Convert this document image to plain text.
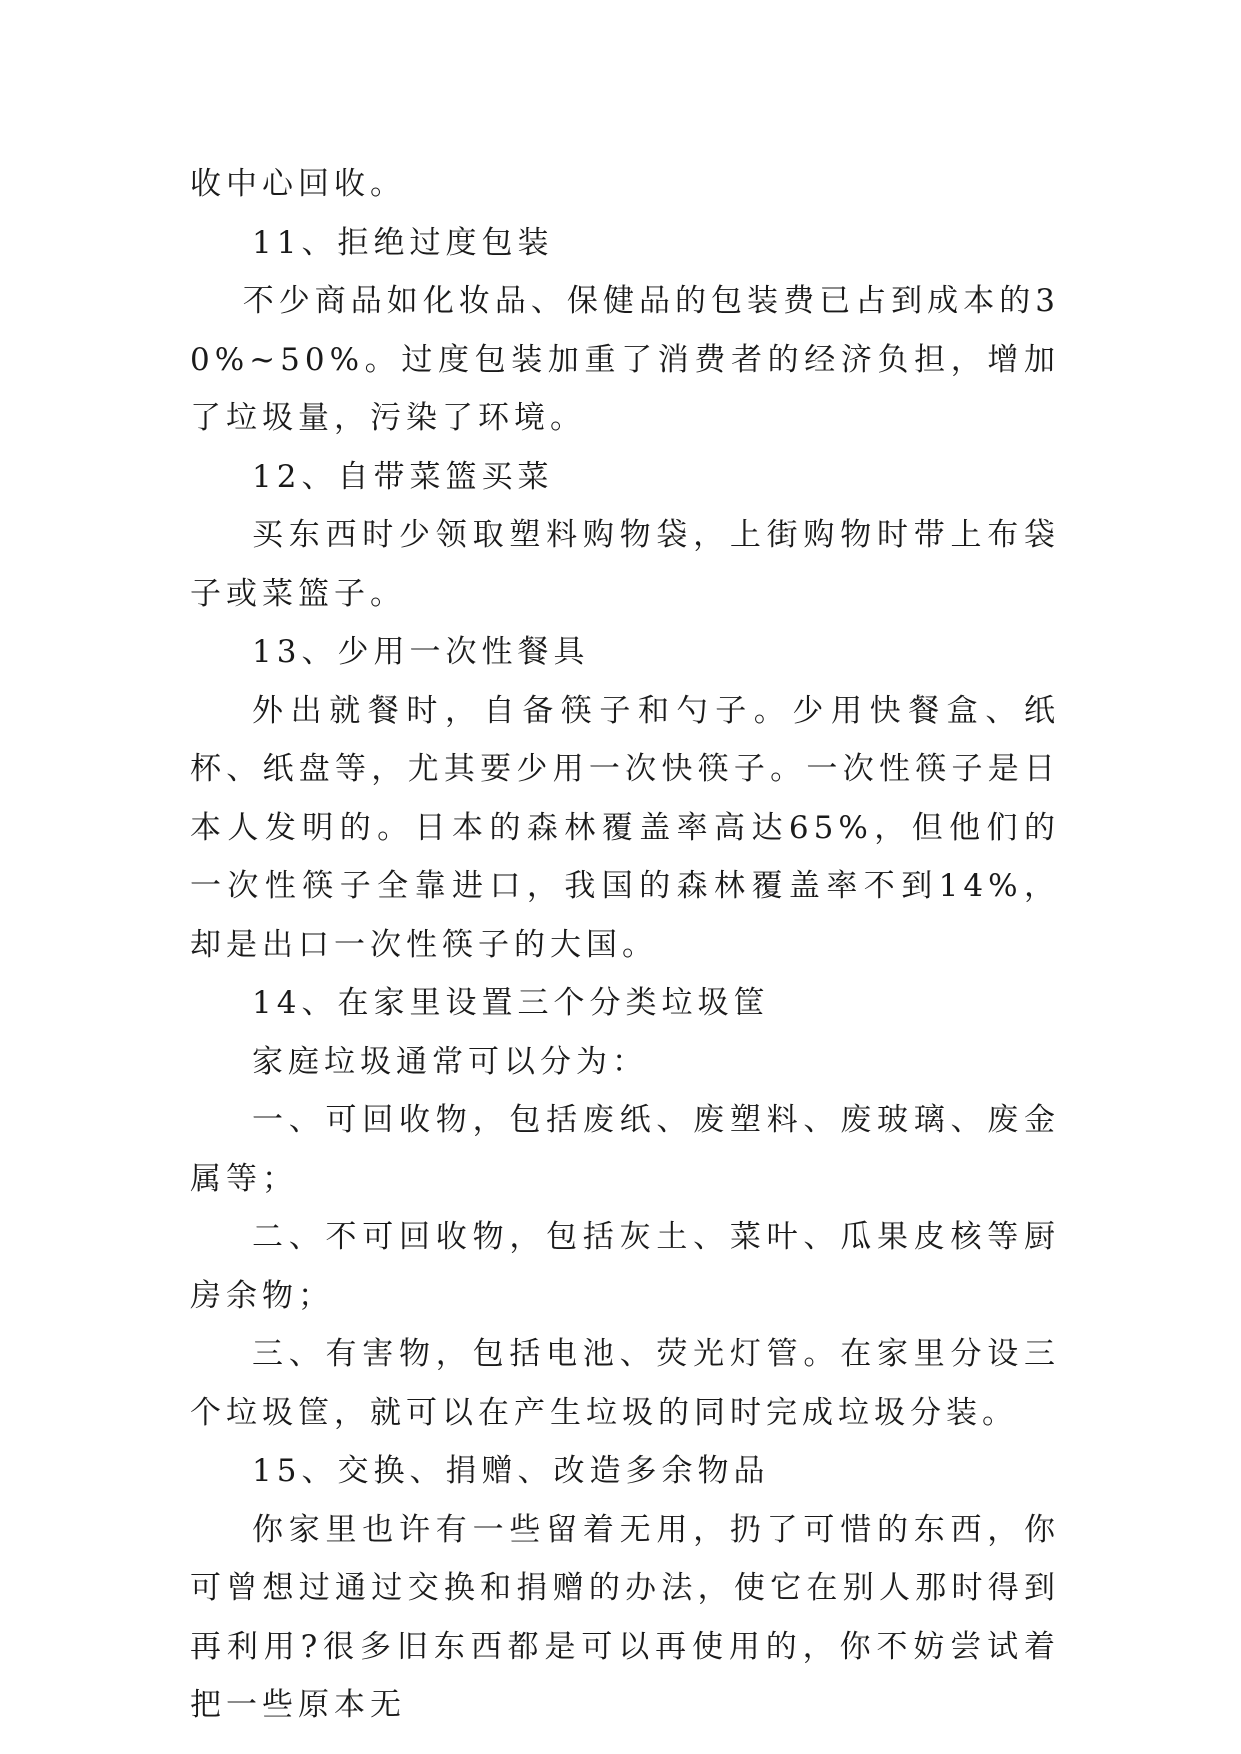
收中心回收。

11、拒绝过度包装

不少商品如化妆品、保健品的包装费已占到成本的30%~50%。过度包装加重了消费者的经济负担，增加了垃圾量，污染了环境。

12、自带菜篮买菜

买东西时少领取塑料购物袋，上街购物时带上布袋子或菜篮子。

13、少用一次性餐具

外出就餐时，自备筷子和勺子。少用快餐盒、纸杯、纸盘等，尤其要少用一次快筷子。一次性筷子是日本人发明的。日本的森林覆盖率高达65%，但他们的一次性筷子全靠进口，我国的森林覆盖率不到14%，却是出口一次性筷子的大国。

14、在家里设置三个分类垃圾筐

家庭垃圾通常可以分为：

一、可回收物，包括废纸、废塑料、废玻璃、废金属等；

二、不可回收物，包括灰土、菜叶、瓜果皮核等厨房余物；

三、有害物，包括电池、荧光灯管。在家里分设三个垃圾筐，就可以在产生垃圾的同时完成垃圾分装。

15、交换、捐赠、改造多余物品

你家里也许有一些留着无用，扔了可惜的东西，你可曾想过通过交换和捐赠的办法，使它在别人那时得到再利用?很多旧东西都是可以再使用的，你不妨尝试着把一些原本无
